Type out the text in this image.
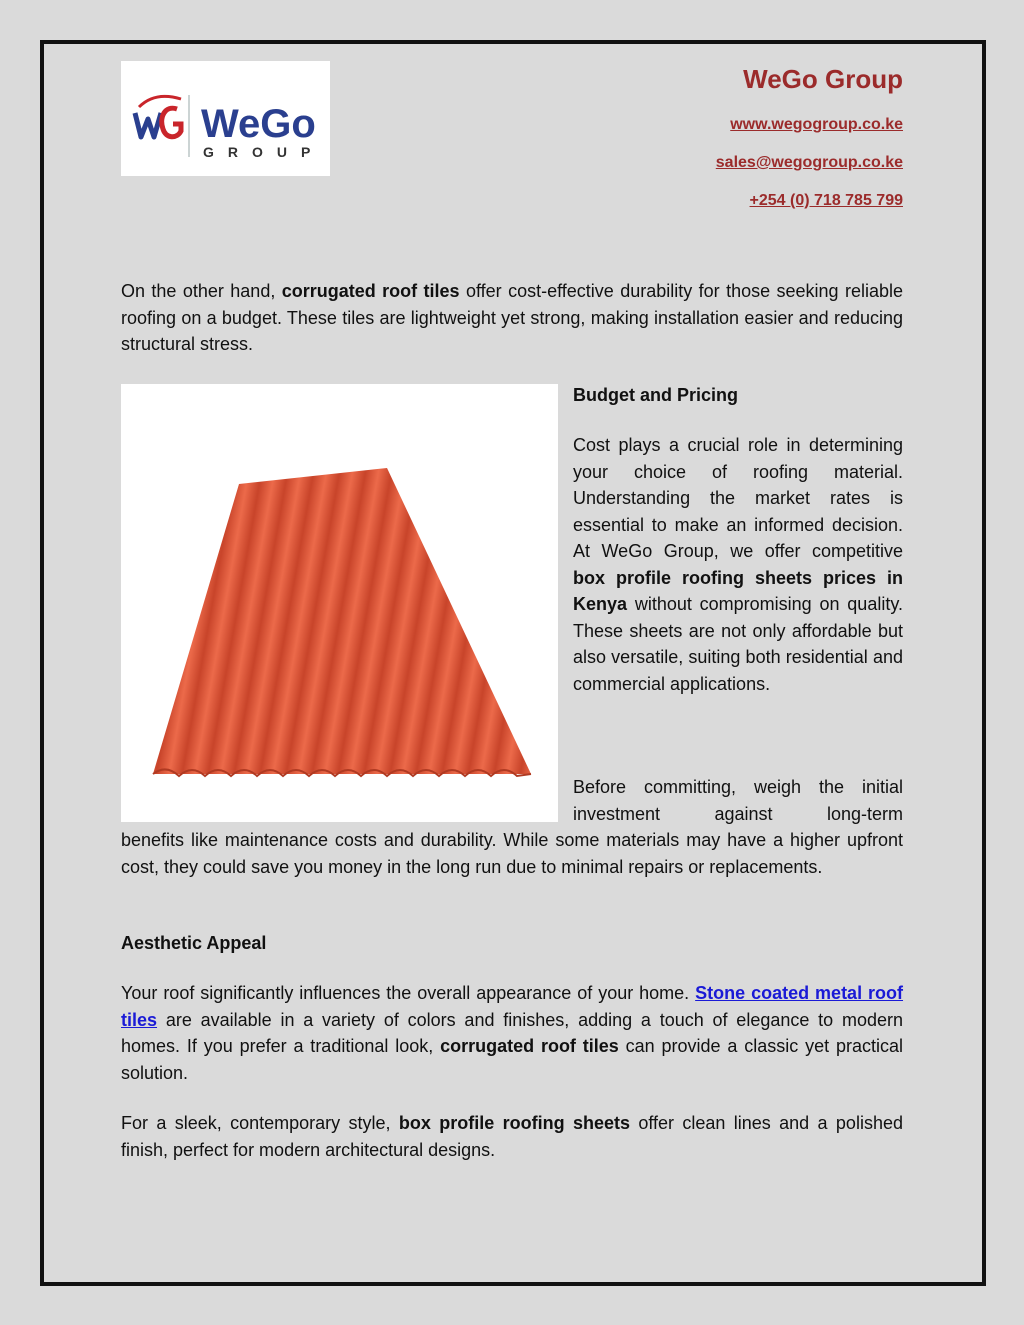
WeGo
GROUP

WeGo Group

www.wegogroup.co.ke
sales@wegogroup.co.ke
+254 (0) 718 785 799

On the other hand, corrugated roof tiles offer cost-effective durability for those seeking reliable roofing on a budget. These tiles are lightweight yet strong, making installation easier and reducing structural stress.

Budget and Pricing

Cost plays a crucial role in determining your choice of roofing material. Understanding the market rates is essential to make an informed decision. At WeGo Group, we offer competitive box profile roofing sheets prices in Kenya without compromising on quality. These sheets are not only affordable but also versatile, suiting both residential and commercial applications.

Before committing, weigh the initial investment against long-term

benefits like maintenance costs and durability. While some materials may have a higher upfront cost, they could save you money in the long run due to minimal repairs or replacements.

Aesthetic Appeal

Your roof significantly influences the overall appearance of your home. Stone coated metal roof tiles are available in a variety of colors and finishes, adding a touch of elegance to modern homes. If you prefer a traditional look, corrugated roof tiles can provide a classic yet practical solution.

For a sleek, contemporary style, box profile roofing sheets offer clean lines and a polished finish, perfect for modern architectural designs.
